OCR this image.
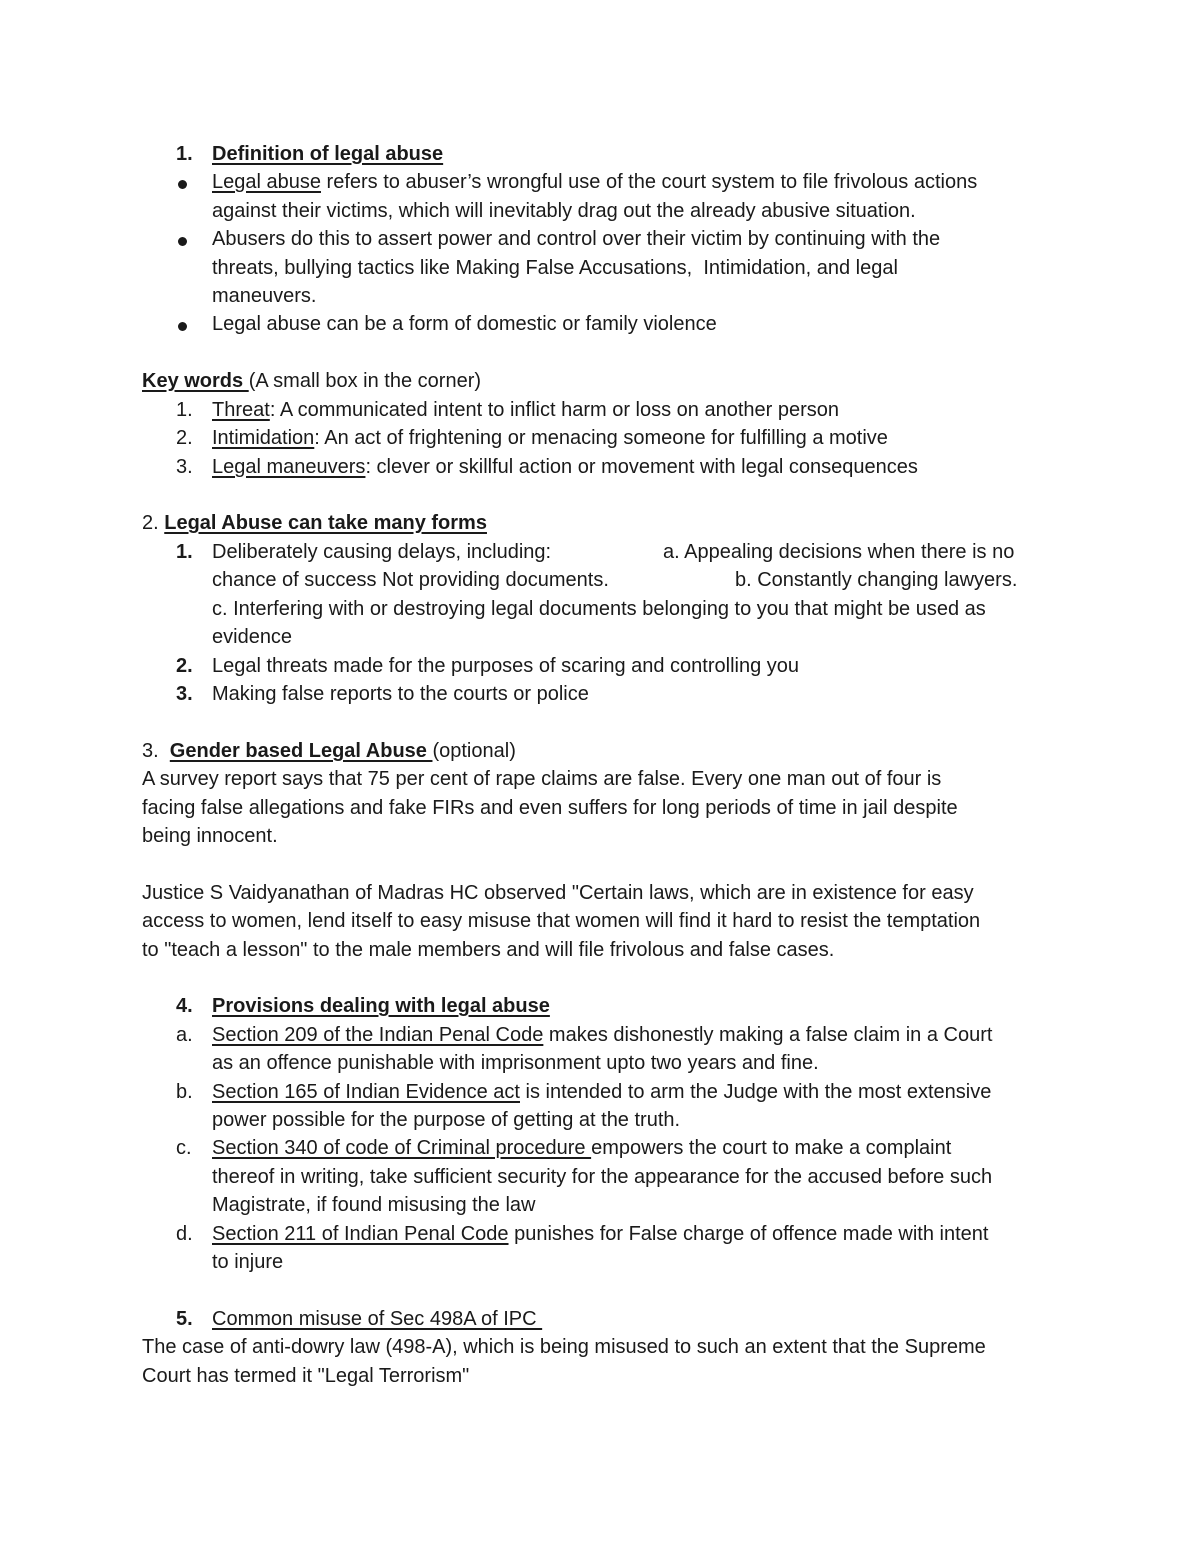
1. Definition of legal abuse
Legal abuse refers to abuser’s wrongful use of the court system to file frivolous actions
against their victims, which will inevitably drag out the already abusive situation.
Abusers do this to assert power and control over their victim by continuing with the
threats, bullying tactics like Making False Accusations,  Intimidation, and legal
maneuvers.
Legal abuse can be a form of domestic or family violence
Key words (A small box in the corner)
1. Threat: A communicated intent to inflict harm or loss on another person
2. Intimidation: An act of frightening or menacing someone for fulfilling a motive
3. Legal maneuvers: clever or skillful action or movement with legal consequences
2. Legal Abuse can take many forms
1. Deliberately causing delays, including:	a. Appealing decisions when there is no
chance of success Not providing documents.	b. Constantly changing lawyers.
c. Interfering with or destroying legal documents belonging to you that might be used as
evidence
2. Legal threats made for the purposes of scaring and controlling you
3. Making false reports to the courts or police
3.  Gender based Legal Abuse (optional)
A survey report says that 75 per cent of rape claims are false. Every one man out of four is
facing false allegations and fake FIRs and even suffers for long periods of time in jail despite
being innocent.
Justice S Vaidyanathan of Madras HC observed "Certain laws, which are in existence for easy
access to women, lend itself to easy misuse that women will find it hard to resist the temptation
to "teach a lesson" to the male members and will file frivolous and false cases.
4. Provisions dealing with legal abuse
a. Section 209 of the Indian Penal Code makes dishonestly making a false claim in a Court
as an offence punishable with imprisonment upto two years and fine.
b. Section 165 of Indian Evidence act is intended to arm the Judge with the most extensive
power possible for the purpose of getting at the truth.
c. Section 340 of code of Criminal procedure empowers the court to make a complaint
thereof in writing, take sufficient security for the appearance for the accused before such
Magistrate, if found misusing the law
d. Section 211 of Indian Penal Code punishes for False charge of offence made with intent
to injure
5. Common misuse of Sec 498A of IPC
The case of anti-dowry law (498-A), which is being misused to such an extent that the Supreme
Court has termed it "Legal Terrorism"
